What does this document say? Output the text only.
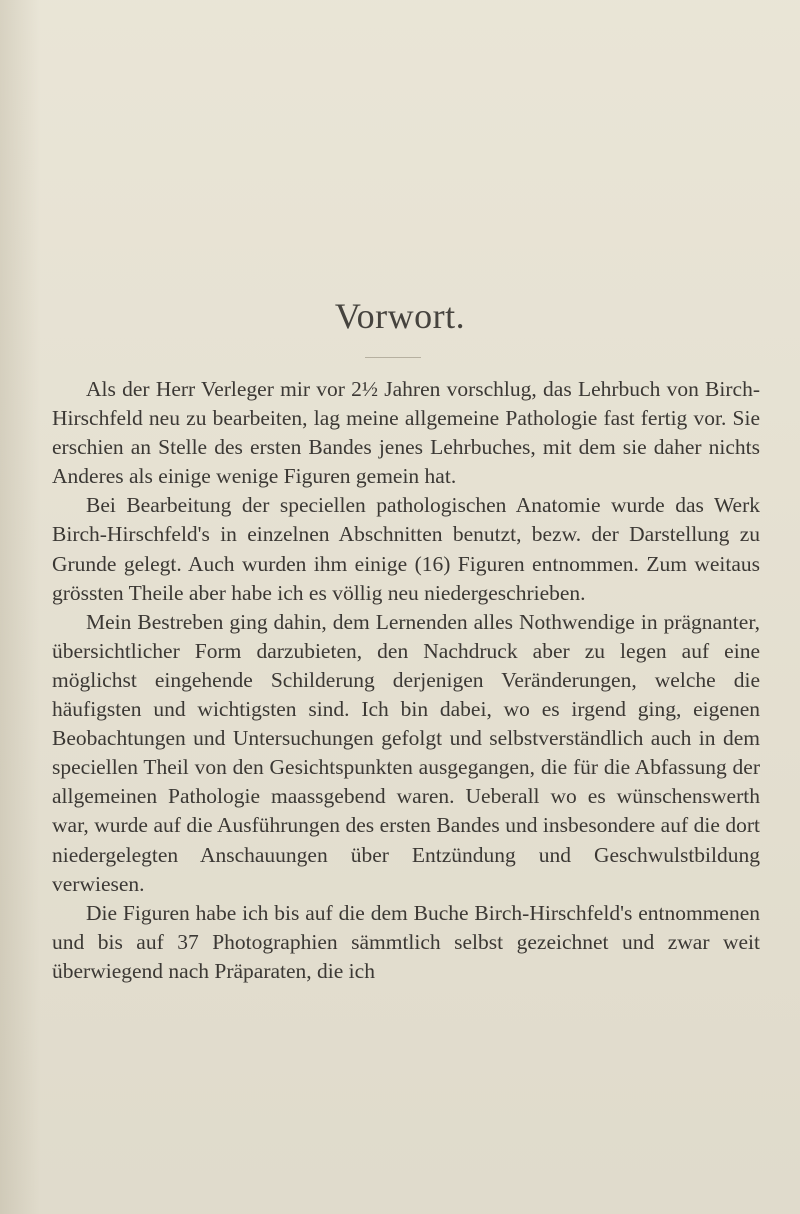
Vorwort.

Als der Herr Verleger mir vor 2½ Jahren vorschlug, das Lehrbuch von Birch-Hirschfeld neu zu bearbeiten, lag meine allgemeine Pathologie fast fertig vor. Sie erschien an Stelle des ersten Bandes jenes Lehrbuches, mit dem sie daher nichts Anderes als einige wenige Figuren gemein hat.

Bei Bearbeitung der speciellen pathologischen Anatomie wurde das Werk Birch-Hirschfeld's in einzelnen Abschnitten benutzt, bezw. der Darstellung zu Grunde gelegt. Auch wurden ihm einige (16) Figuren entnommen. Zum weitaus grössten Theile aber habe ich es völlig neu niedergeschrieben.

Mein Bestreben ging dahin, dem Lernenden alles Nothwendige in prägnanter, übersichtlicher Form darzubieten, den Nachdruck aber zu legen auf eine möglichst eingehende Schilderung derjenigen Veränderungen, welche die häufigsten und wichtigsten sind. Ich bin dabei, wo es irgend ging, eigenen Beobachtungen und Untersuchungen gefolgt und selbstverständlich auch in dem speciellen Theil von den Gesichtspunkten ausgegangen, die für die Abfassung der allgemeinen Pathologie maassgebend waren. Ueberall wo es wünschenswerth war, wurde auf die Ausführungen des ersten Bandes und insbesondere auf die dort niedergelegten Anschauungen über Entzündung und Geschwulstbildung verwiesen.

Die Figuren habe ich bis auf die dem Buche Birch-Hirschfeld's entnommenen und bis auf 37 Photographien sämmtlich selbst gezeichnet und zwar weit überwiegend nach Präparaten, die ich
